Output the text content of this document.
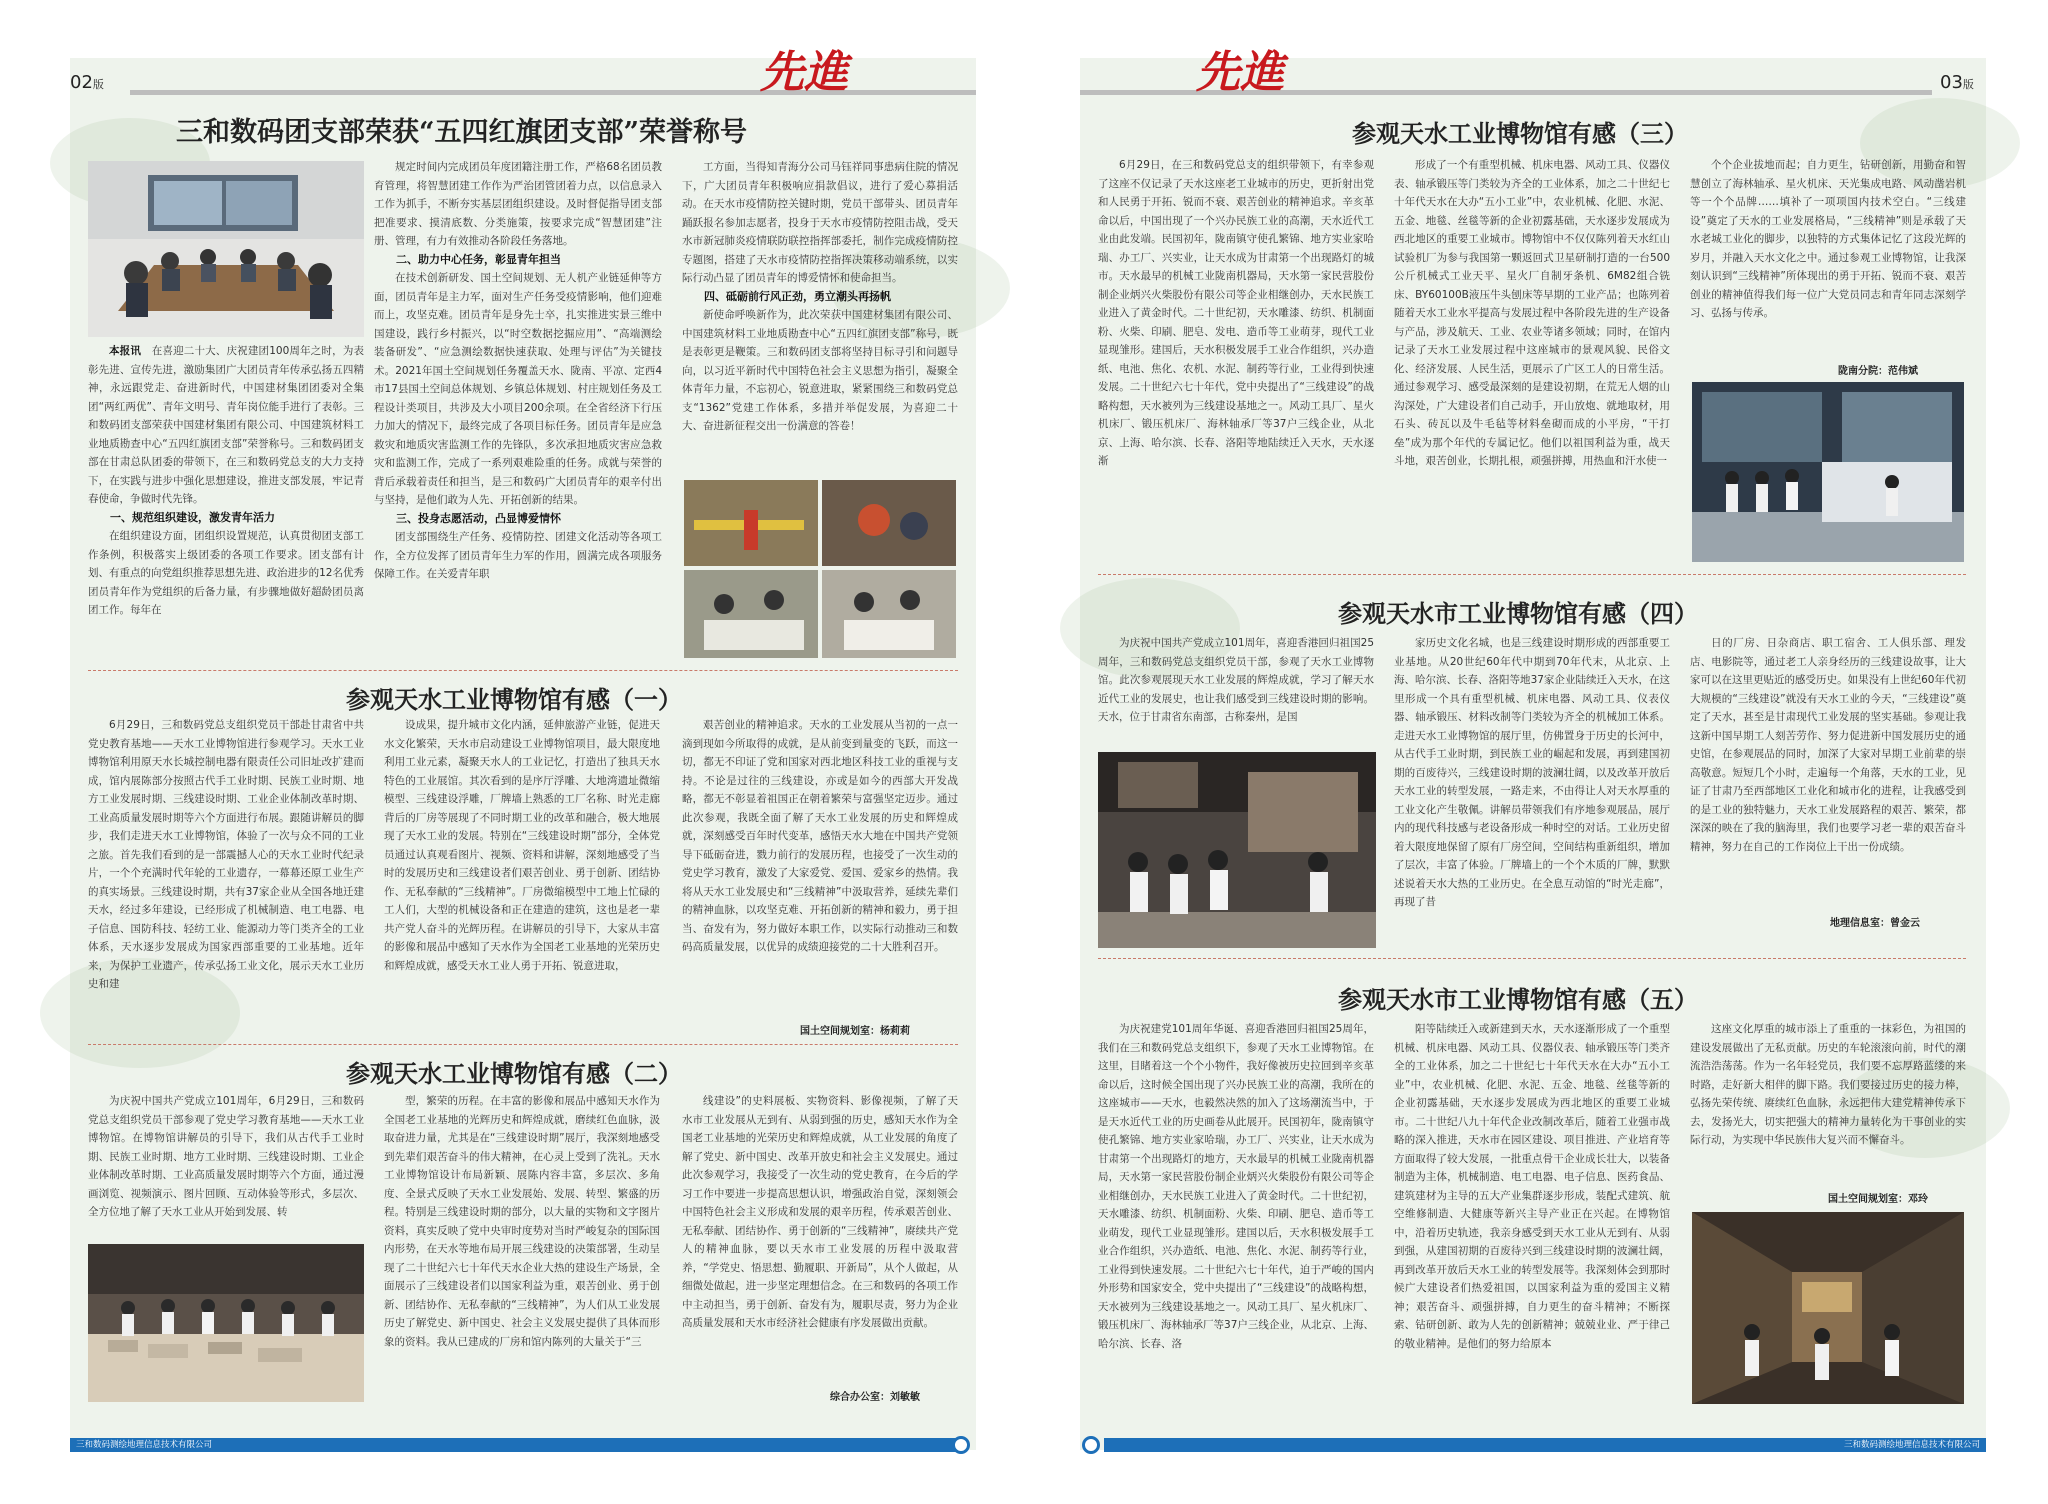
02版	先進	03版
先進
三和数码团支部荣获“五四红旗团支部”荣誉称号

本报讯　 在喜迎二十大、庆祝建团100周年之时，为表彰先进、宣传先进，激励集团广大团员青年传承弘扬五四精神，永远跟党走、奋进新时代，中国建材集团团委对全集团“两红两优”、青年文明号、青年岗位能手进行了表彰。三和数码团支部荣获中国建材集团有限公司、中国建筑材料工业地质勘查中心“五四红旗团支部”荣誉称号。三和数码团支部在甘肃总队团委的带领下，在三和数码党总支的大力支持下，在实践与进步中强化思想建设，推进支部发展，牢记青春使命，争做时代先锋。

一、规范组织建设，激发青年活力

在组织建设方面，团组织设置规范，认真贯彻团支部工作条例，积极落实上级团委的各项工作要求。团支部有计划、有重点的向党组织推荐思想先进、政治进步的12名优秀团员青年作为党组织的后备力量，有步骤地做好超龄团员离团工作。每年在

规定时间内完成团员年度团籍注册工作，严格68名团员教育管理，将智慧团建工作作为严治团管团着力点，以信息录入工作为抓手，不断夯实基层团组织建设。及时督促指导团支部把准要求、摸清底数、分类施策，按要求完成“智慧团建”注册、管理，有力有效推动各阶段任务落地。

二、助力中心任务，彰显青年担当

在技术创新研发、国土空间规划、无人机产业链延伸等方面，团员青年是主力军，面对生产任务受疫情影响，他们迎难而上，攻坚克难。团员青年是身先士卒，扎实推进实景三维中国建设，践行乡村振兴，以“时空数据挖掘应用”、“高端测绘装备研发”、“应急测绘数据快速获取、处理与评估”为关键技术。2021年国土空间规划任务覆盖天水、陇南、平凉、定西4市17县国土空间总体规划、乡镇总体规划、村庄规划任务及工程设计类项目，共涉及大小项目200余项。在全省经济下行压力加大的情况下，最终完成了各项目标任务。团员青年是应急救灾和地质灾害监测工作的先锋队，多次承担地质灾害应急救灾和监测工作，完成了一系列艰难险重的任务。成就与荣誉的背后承载着责任和担当，是三和数码广大团员青年的艰辛付出与坚持，是他们敢为人先、开拓创新的结果。

三、投身志愿活动，凸显博爱情怀

团支部围绕生产任务、疫情防控、团建文化活动等各项工作，全方位发挥了团员青年生力军的作用，圆满完成各项服务保障工作。在关爱青年职

工方面，当得知青海分公司马钰祥同事患病住院的情况下，广大团员青年积极响应捐款倡议，进行了爱心募捐活动。在天水市疫情防控关键时期，党员干部带头、团员青年踊跃报名参加志愿者，投身于天水市疫情防控阻击战，受天水市新冠肺炎疫情联防联控指挥部委托，制作完成疫情防控专题图，搭建了天水市疫情防控指挥决策移动端系统，以实际行动凸显了团员青年的博爱情怀和使命担当。

四、砥砺前行风正劲，勇立潮头再扬帆

新使命呼唤新作为，此次荣获中国建材集团有限公司、中国建筑材料工业地质勘查中心“五四红旗团支部”称号，既是表彰更是鞭策。三和数码团支部将坚持目标寻引和问题导向，以习近平新时代中国特色社会主义思想为指引，凝聚全体青年力量，不忘初心，锐意进取，紧紧围绕三和数码党总支“1362”党建工作体系，多措并举促发展，为喜迎二十大、奋进新征程交出一份满意的答卷！

参观天水工业博物馆有感（一）

6月29日，三和数码党总支组织党员干部赴甘肃省中共党史教育基地——天水工业博物馆进行参观学习。天水工业博物馆利用原天水长城控制电器有限责任公司旧址改扩建而成，馆内展陈部分按照古代手工业时期、民族工业时期、地方工业发展时期、三线建设时期、工业企业体制改革时期、工业高质量发展时期等六个方面进行布展。跟随讲解员的脚步，我们走进天水工业博物馆，体验了一次与众不同的工业之旅。首先我们看到的是一部震撼人心的天水工业时代纪录片，一个个充满时代年轮的工业遗存，一幕幕还原工业生产的真实场景。三线建设时期，共有37家企业从全国各地迁建天水，经过多年建设，已经形成了机械制造、电工电器、电子信息、国防科技、轻纺工业、能源动力等门类齐全的工业体系，天水逐步发展成为国家西部重要的工业基地。近年来，为保护工业遗产，传承弘扬工业文化，展示天水工业历史和建

设成果，提升城市文化内涵，延伸旅游产业链，促进天水文化繁荣，天水市启动建设工业博物馆项目，最大限度地利用工业元素，凝聚天水人的工业记忆，打造出了独具天水特色的工业展馆。其次看到的是序厅浮雕、大地湾遗址微缩模型、三线建设浮雕，厂牌墙上熟悉的工厂名称、时光走廊背后的厂房等展现了不同时期工业的改革和融合，极大地展现了天水工业的发展。特别在“三线建设时期”部分，全体党员通过认真观看图片、视频、资料和讲解，深刻地感受了当时的发展历史和三线建设者们艰苦创业、勇于创新、团结协作、无私奉献的“三线精神”。厂房微缩模型中工地上忙碌的工人们，大型的机械设备和正在建造的建筑，这也是老一辈共产党人奋斗的光辉历程。在讲解员的引导下，大家从丰富的影像和展品中感知了天水作为全国老工业基地的光荣历史和辉煌成就，感受天水工业人勇于开拓、锐意进取，

艰苦创业的精神追求。天水的工业发展从当初的一点一滴到现如今所取得的成就，是从前变到量变的飞跃，而这一切，都无不印证了党和国家对西北地区科技工业的重视与支持。不论是过往的三线建设，亦或是如今的西部大开发战略，都无不彰显着祖国正在朝着繁荣与富强坚定迈步。通过此次参观，我既全面了解了天水工业发展的历史和辉煌成就，深刻感受百年时代变革，感悟天水大地在中国共产党领导下砥砺奋进，戮力前行的发展历程，也接受了一次生动的党史学习教育，激发了大家爱党、爱国、爱家乡的热情。我将从天水工业发展史和“三线精神”中汲取营养，延续先辈们的精神血脉，以攻坚克难、开拓创新的精神和毅力，勇于担当、奋发有为，努力做好本职工作，以实际行动推动三和数码高质量发展，以优异的成绩迎接党的二十大胜利召开。

国土空间规划室：杨莉莉
参观天水工业博物馆有感（二）

为庆祝中国共产党成立101周年，6月29日，三和数码党总支组织党员干部参观了党史学习教育基地——天水工业博物馆。在博物馆讲解员的引导下，我们从古代手工业时期、民族工业时期、地方工业时期、三线建设时期、工业企业体制改革时期、工业高质量发展时期等六个方面，通过漫画浏览、视频演示、图片回顾、互动体验等形式，多层次、全方位地了解了天水工业从开始到发展、转

型，繁荣的历程。在丰富的影像和展品中感知天水作为全国老工业基地的光辉历史和辉煌成就，磨续红色血脉，汲取奋进力量，尤其是在“三线建设时期”展厅，我深刻地感受到先辈们艰苦奋斗的伟大精神，在心灵上受到了洗礼。天水工业博物馆设计布局新颖、展陈内容丰富，多层次、多角度、全景式反映了天水工业发展始、发展、转型、繁盛的历程。特别是三线建设时期的部分，以大量的实物和文字图片资料，真实反映了党中央审时度势对当时严峻复杂的国际国内形势，在天水等地布局开展三线建设的决策部署，生动呈现了二十世纪六七十年代天水企业大热的建设生产场景，全面展示了三线建设者们以国家利益为重，艰苦创业、勇于创新、团结协作、无私奉献的“三线精神”，为人们从工业发展历史了解党史、新中国史、社会主义发展史提供了具体而形象的资料。我从已建成的厂房和馆内陈列的大量关于“三

线建设”的史料展板、实物资料、影像视频，了解了天水市工业发展从无到有、从弱到强的历史，感知天水作为全国老工业基地的光荣历史和辉煌成就，从工业发展的角度了解了党史、新中国史、改革开放史和社会主义发展史。通过此次参观学习，我接受了一次生动的党史教育，在今后的学习工作中要进一步提高思想认识，增强政治自觉，深刻领会中国特色社会主义形成和发展的艰辛历程，传承艰苦创业、无私奉献、团结协作、勇于创新的“三线精神”，赓续共产党人的精神血脉，要以天水市工业发展的历程中汲取营养，“学党史、悟思想、勤履职、开新局”，从个人做起，从细微处做起，进一步坚定理想信念。在三和数码的各项工作中主动担当，勇于创新、奋发有为，履职尽责，努力为企业高质量发展和天水市经济社会健康有序发展做出贡献。

综合办公室：刘敏敏
参观天水工业博物馆有感（三）

6月29日，在三和数码党总支的组织带领下，有幸参观了这座不仅记录了天水这座老工业城市的历史，更折射出党和人民勇于开拓、锐而不衰、艰苦创业的精神追求。辛亥革命以后，中国出现了一个兴办民族工业的高潮，天水近代工业由此发端。民国初年，陇南镇守使孔繁锦、地方实业家哈瑞、办工厂、兴实业，让天水成为甘肃第一个出现路灯的城市。天水最早的机械工业陇南机器局，天水第一家民营股份制企业炳兴火柴股份有限公司等企业相继创办，天水民族工业进入了黄金时代。二十世纪初，天水雕漆、纺织、机制面粉、火柴、印刷、肥皂、发电、造币等工业萌芽，现代工业显现雏形。建国后，天水积极发展手工业合作组织，兴办造纸、电池、焦化、农机、水泥、制药等行业，工业得到快速发展。二十世纪六七十年代，党中央提出了“三线建设”的战略构想，天水被列为三线建设基地之一。风动工具厂、星火机床厂、锻压机床厂、海林轴承厂等37户三线企业，从北京、上海、哈尔滨、长春、洛阳等地陆续迁入天水，天水逐渐

形成了一个有重型机械、机床电器、风动工具、仪器仪表、轴承锻压等门类较为齐全的工业体系，加之二十世纪七十年代天水在大办“五小工业”中，农业机械、化肥、水泥、五金、地毯、丝毯等新的企业初露基础，天水逐步发展成为西北地区的重要工业城市。博物馆中不仅仅陈列着天水红山试验机厂为参与我国第一颗返回式卫星研制打造的一台500公斤机械式工业天平、星火厂自制牙条机、6M82组合铣床、BY60100B液压牛头刨床等早期的工业产品；也陈列着随着天水工业水平提高与发展过程中各阶段先进的生产设备与产品，涉及航天、工业、农业等诸多领域；同时，在馆内记录了天水工业发展过程中这座城市的景观风貌、民俗文化、经济发展、人民生活，更展示了广区工人的日常生活。通过参观学习、感受最深刻的是建设初期，在荒无人烟的山沟深处，广大建设者们自己动手，开山放炮、就地取材，用石头、砖瓦以及牛毛毡等材料垒砌而成的小平房，“干打垒”成为那个年代的专属记忆。他们以祖国利益为重，战天斗地，艰苦创业，长期扎根，顽强拼搏，用热血和汗水使一

个个企业拔地而起；自力更生，钻研创新，用勤奋和智慧创立了海林轴承、星火机床、天光集成电路、风动凿岩机等一个个品牌……填补了一项项国内技术空白。“三线建设”奠定了天水的工业发展格局，“三线精神”则是承载了天水老城工业化的脚步，以独特的方式集体记忆了这段光辉的岁月，并融入天水文化之中。通过参观工业博物馆，让我深刻认识到“三线精神”所体现出的勇于开拓、锐而不衰、艰苦创业的精神值得我们每一位广大党员同志和青年同志深刻学习、弘扬与传承。

陇南分院：范伟斌
参观天水市工业博物馆有感（四）

为庆祝中国共产党成立101周年，喜迎香港回归祖国25周年，三和数码党总支组织党员干部，参观了天水工业博物馆。此次参观展现天水工业发展的辉煌成就，学习了解天水近代工业的发展史，也让我们感受到三线建设时期的影响。天水，位于甘肃省东南部，古称秦州，是国

家历史文化名城，也是三线建设时期形成的西部重要工业基地。从20世纪60年代中期到70年代末，从北京、上海、哈尔滨、长春、洛阳等地37家企业陆续迁入天水，在这里形成一个具有重型机械、机床电器、风动工具、仪表仪器、轴承锻压、材料改制等门类较为齐全的机械加工体系。走进天水工业博物馆的展厅里，仿佛置身于历史的长河中，从古代手工业时期，到民族工业的崛起和发展，再到建国初期的百废待兴，三线建设时期的波澜壮阔，以及改革开放后天水工业的转型发展，一路走来，不由得让人对天水厚重的工业文化产生敬佩。讲解员带领我们有序地参观展品，展厅内的现代科技感与老设备形成一种时空的对话。工业历史留着大限度地保留了原有厂房空间，空间结构重新组织，增加了层次，丰富了体验。厂牌墙上的一个个木质的厂牌，默默述说着天水大热的工业历史。在全息互动馆的“时光走廊”，再现了昔

日的厂房、日杂商店、职工宿舍、工人俱乐部、理发店、电影院等，通过老工人亲身经历的三线建设故事，让大家可以在这里更贴近的感受历史。如果没有上世纪60年代初大规模的“三线建设”就没有天水工业的今天，“三线建设”奠定了天水，甚至是甘肃现代工业发展的坚实基础。参观让我这新中国早期工人刻苦劳作、努力促进新中国发展历史的通史馆，在参观展品的同时，加深了大家对早期工业前辈的崇高敬意。短短几个小时，走遍每一个角落，天水的工业，见证了甘肃乃至西部地区工业化和城市化的进程，让我感受到的是工业的独特魅力，天水工业发展路程的艰苦、繁荣，都深深的映在了我的脑海里，我们也要学习老一辈的艰苦奋斗精神，努力在自己的工作岗位上干出一份成绩。

地理信息室：曾金云
参观天水市工业博物馆有感（五）

为庆祝建党101周年华诞、喜迎香港回归祖国25周年，我们在三和数码党总支组织下，参观了天水工业博物馆。在这里，目睹着这一个个小物件，我好像被历史拉回到辛亥革命以后，这时候全国出现了兴办民族工业的高潮，我所在的这座城市——天水，也毅然决然的加入了这场潮流当中，于是天水近代工业的历史画卷从此展开。民国初年，陇南镇守使孔繁锦、地方实业家哈瑞，办工厂、兴实业，让天水成为甘肃第一个出现路灯的地方，天水最早的机械工业陇南机器局，天水第一家民营股份制企业炳兴火柴股份有限公司等企业相继创办，天水民族工业进入了黄金时代。二十世纪初，天水雕漆、纺织、机制面粉、火柴、印刷、肥皂、造币等工业萌发，现代工业显现雏形。建国以后，天水积极发展手工业合作组织，兴办造纸、电池、焦化、水泥、制药等行业，工业得到快速发展。二十世纪六七十年代，迫于严峻的国内外形势和国家安全，党中央提出了“三线建设”的战略构想，天水被列为三线建设基地之一。风动工具厂、星火机床厂、锻压机床厂、海林轴承厂等37户三线企业，从北京、上海、哈尔滨、长春、洛

阳等陆续迁入或新建到天水，天水逐渐形成了一个重型机械、机床电器、风动工具、仪器仪表、轴承锻压等门类齐全的工业体系，加之二十世纪七十年代天水在大办“五小工业”中，农业机械、化肥、水泥、五金、地毯、丝毯等新的企业初露基础，天水逐步发展成为西北地区的重要工业城市。二十世纪八九十年代企业改制改革后，随着工业强市战略的深入推进，天水市在园区建设、项目推进、产业培育等方面取得了较大发展，一批重点骨干企业成长壮大，以装备制造为主体，机械制造、电工电器、电子信息、医药食品、建筑建材为主导的五大产业集群逐步形成，装配式建筑、航空维修制造、大健康等新兴主导产业正在兴起。在博物馆中，沿着历史轨迹，我亲身感受到天水工业从无到有、从弱到强，从建国初期的百废待兴到三线建设时期的波澜壮阔，再到改革开放后天水工业的转型发展等。我深刻体会到那时候广大建设者们热爱祖国，以国家利益为重的爱国主义精神；艰苦奋斗、顽强拼搏，自力更生的奋斗精神；不断探索、钻研创新、敢为人先的创新精神；兢兢业业、严于律己的敬业精神。是他们的努力给原本

这座文化厚重的城市添上了重重的一抹彩色，为祖国的建设发展做出了无私贡献。历史的车轮滚滚向前，时代的潮流浩浩荡荡。作为一名年轻党员，我们要不忘厚路蓝缕的来时路，走好新大相伴的脚下路。我们要接过历史的接力棒，弘扬先荣传统、赓续红色血脉，永远把伟大建党精神传承下去，发扬光大，切实把强大的精神力量转化为干事创业的实际行动，为实现中华民族伟大复兴而不懈奋斗。

国土空间规划室：邓玲
三和数码测绘地理信息技术有限公司	三和数码测绘地理信息技术有限公司
